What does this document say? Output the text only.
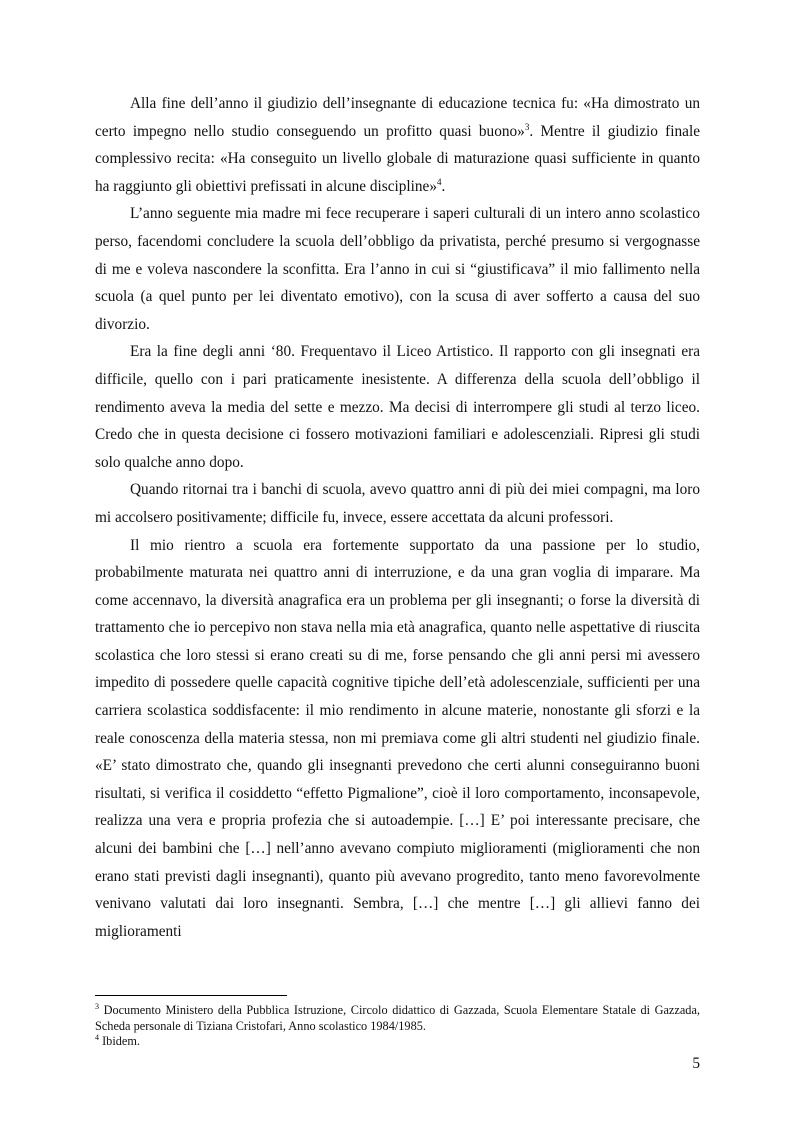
Alla fine dell’anno il giudizio dell’insegnante di educazione tecnica fu: «Ha dimostrato un certo impegno nello studio conseguendo un profitto quasi buono»$^3$. Mentre il giudizio finale complessivo recita: «Ha conseguito un livello globale di maturazione quasi sufficiente in quanto ha raggiunto gli obiettivi prefissati in alcune discipline»$^4$.

L’anno seguente mia madre mi fece recuperare i saperi culturali di un intero anno scolastico perso, facendomi concludere la scuola dell’obbligo da privatista, perché presumo si vergognasse di me e voleva nascondere la sconfitta. Era l’anno in cui si “giustificava” il mio fallimento nella scuola (a quel punto per lei diventato emotivo), con la scusa di aver sofferto a causa del suo divorzio.

Era la fine degli anni ‘80. Frequentavo il Liceo Artistico. Il rapporto con gli insegnati era difficile, quello con i pari praticamente inesistente. A differenza della scuola dell’obbligo il rendimento aveva la media del sette e mezzo. Ma decisi di interrompere gli studi al terzo liceo. Credo che in questa decisione ci fossero motivazioni familiari e adolescenziali. Ripresi gli studi solo qualche anno dopo.

Quando ritornai tra i banchi di scuola, avevo quattro anni di più dei miei compagni, ma loro mi accolsero positivamente; difficile fu, invece, essere accettata da alcuni professori.

Il mio rientro a scuola era fortemente supportato da una passione per lo studio, probabilmente maturata nei quattro anni di interruzione, e da una gran voglia di imparare. Ma come accennavo, la diversità anagrafica era un problema per gli insegnanti; o forse la diversità di trattamento che io percepivo non stava nella mia età anagrafica, quanto nelle aspettative di riuscita scolastica che loro stessi si erano creati su di me, forse pensando che gli anni persi mi avessero impedito di possedere quelle capacità cognitive tipiche dell’età adolescenziale, sufficienti per una carriera scolastica soddisfacente: il mio rendimento in alcune materie, nonostante gli sforzi e la reale conoscenza della materia stessa, non mi premiava come gli altri studenti nel giudizio finale. «E’ stato dimostrato che, quando gli insegnanti prevedono che certi alunni conseguiranno buoni risultati, si verifica il cosiddetto “effetto Pigmalione”, cioè il loro comportamento, inconsapevole, realizza una vera e propria profezia che si autoadempie. […] E’ poi interessante precisare, che alcuni dei bambini che […] nell’anno avevano compiuto miglioramenti (miglioramenti che non erano stati previsti dagli insegnanti), quanto più avevano progredito, tanto meno favorevolmente venivano valutati dai loro insegnanti. Sembra, […] che mentre […] gli allievi fanno dei miglioramenti

$^3$ Documento Ministero della Pubblica Istruzione, Circolo didattico di Gazzada, Scuola Elementare Statale di Gazzada, Scheda personale di Tiziana Cristofari, Anno scolastico 1984/1985.

$^4$ Ibidem.

5
